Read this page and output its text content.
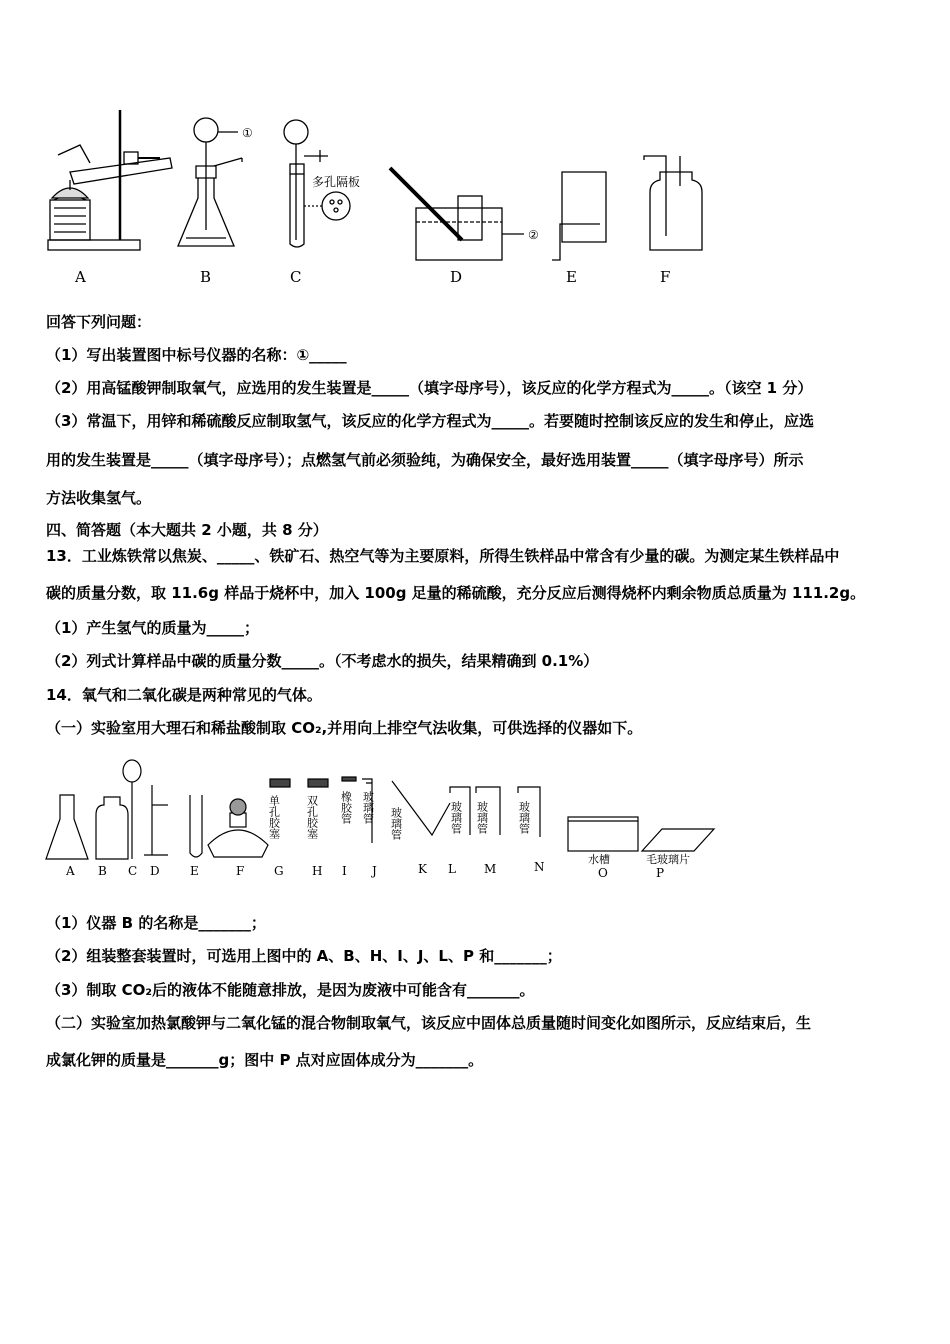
A	B	C	D	E	F
①
②
多孔隔板
回答下列问题：
（1）写出装置图中标号仪器的名称：①_____
（2）用高锰酸钾制取氧气，应选用的发生装置是_____（填字母序号），该反应的化学方程式为_____。（该空 1 分）
（3）常温下，用锌和稀硫酸反应制取氢气，该反应的化学方程式为_____。若要随时控制该反应的发生和停止，应选
用的发生装置是_____（填字母序号）；点燃氢气前必须验纯，为确保安全，最好选用装置_____（填字母序号）所示
方法收集氢气。
四、简答题（本大题共 2 小题，共 8 分）
13．工业炼铁常以焦炭、_____、铁矿石、热空气等为主要原料，所得生铁样品中常含有少量的碳。为测定某生铁样品中
碳的质量分数，取 11.6g 样品于烧杯中，加入 100g 足量的稀硫酸，充分反应后测得烧杯内剩余物质总质量为 111.2g。
（1）产生氢气的质量为_____；
（2）列式计算样品中碳的质量分数_____。（不考虑水的损失，结果精确到 0.1%）
14．氧气和二氧化碳是两种常见的气体。
（一）实验室用大理石和稀盐酸制取 CO₂,并用向上排空气法收集，可供选择的仪器如下。
单孔胶塞 双孔胶塞 橡胶管 玻璃管 玻璃管	玻璃管 玻璃管	玻璃管
水槽	毛玻璃片
A B C D	E	F G H I J	K L M	N	O	P
（1）仪器 B 的名称是_______；
（2）组装整套装置时，可选用上图中的 A、B、H、I、J、L、P 和_______；
（3）制取 CO₂后的液体不能随意排放，是因为废液中可能含有_______。
（二）实验室加热氯酸钾与二氧化锰的混合物制取氧气，该反应中固体总质量随时间变化如图所示，反应结束后，生
成氯化钾的质量是_______g；图中 P 点对应固体成分为_______。
